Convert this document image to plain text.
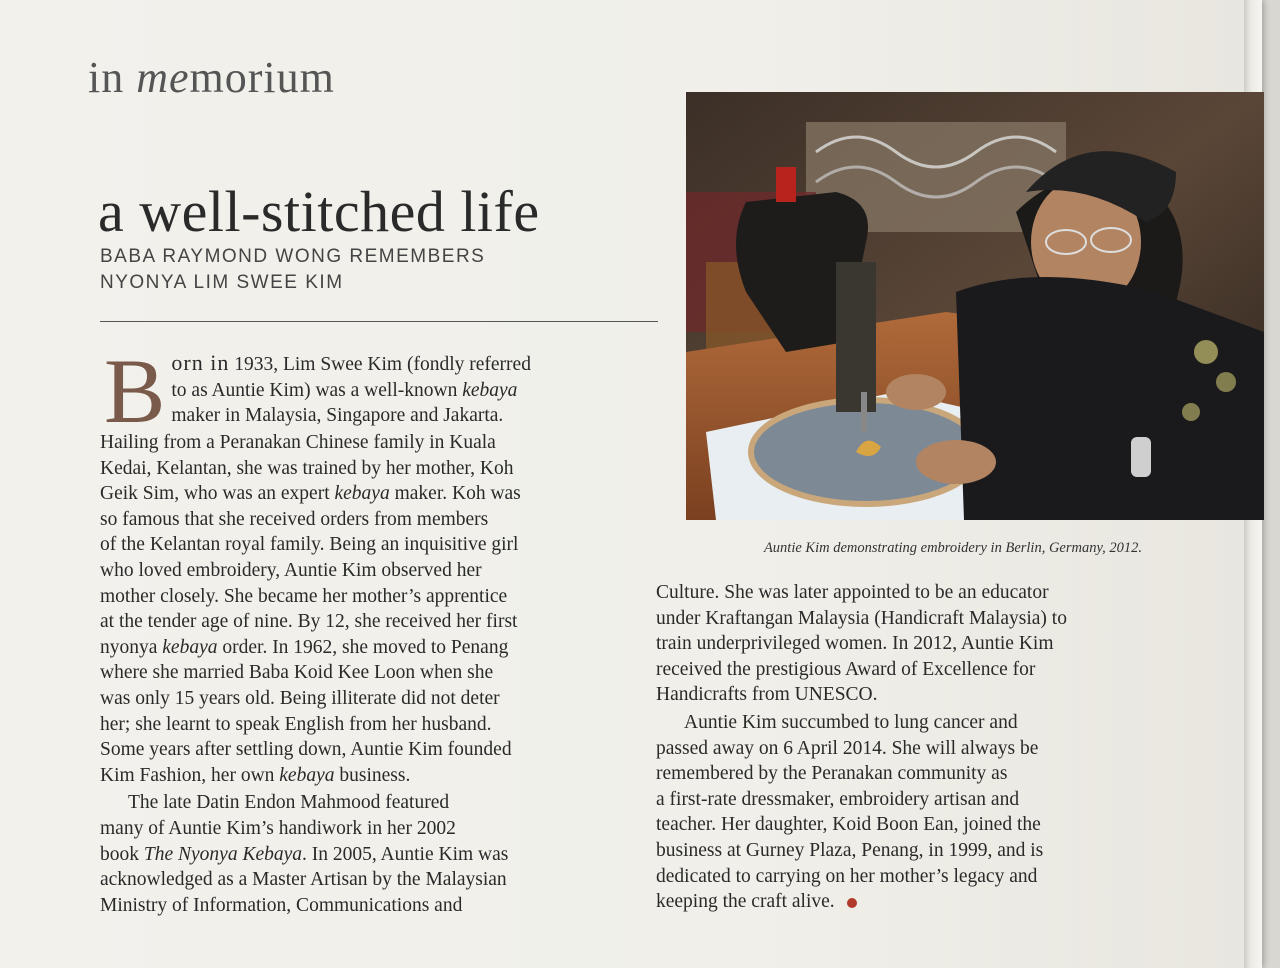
in memorium
a well-stitched life
BABA RAYMOND WONG REMEMBERS
NYONYA LIM SWEE KIM

B orn in 1933, Lim Swee Kim (fondly referred
to as Auntie Kim) was a well-known kebaya
maker in Malaysia, Singapore and Jakarta.
Hailing from a Peranakan Chinese family in Kuala
Kedai, Kelantan, she was trained by her mother, Koh
Geik Sim, who was an expert kebaya maker. Koh was
so famous that she received orders from members
of the Kelantan royal family. Being an inquisitive girl
who loved embroidery, Auntie Kim observed her
mother closely. She became her mother’s apprentice
at the tender age of nine. By 12, she received her first
nyonya kebaya order. In 1962, she moved to Penang
where she married Baba Koid Kee Loon when she
was only 15 years old. Being illiterate did not deter
her; she learnt to speak English from her husband.
Some years after settling down, Auntie Kim founded
Kim Fashion, her own kebaya business.

The late Datin Endon Mahmood featured
many of Auntie Kim’s handiwork in her 2002
book The Nyonya Kebaya. In 2005, Auntie Kim was
acknowledged as a Master Artisan by the Malaysian
Ministry of Information, Communications and

Auntie Kim demonstrating embroidery in Berlin, Germany, 2012.

Culture. She was later appointed to be an educator
under Kraftangan Malaysia (Handicraft Malaysia) to
train underprivileged women. In 2012, Auntie Kim
received the prestigious Award of Excellence for
Handicrafts from UNESCO.

Auntie Kim succumbed to lung cancer and
passed away on 6 April 2014. She will always be
remembered by the Peranakan community as
a first-rate dressmaker, embroidery artisan and
teacher. Her daughter, Koid Boon Ean, joined the
business at Gurney Plaza, Penang, in 1999, and is
dedicated to carrying on her mother’s legacy and
keeping the craft alive.
